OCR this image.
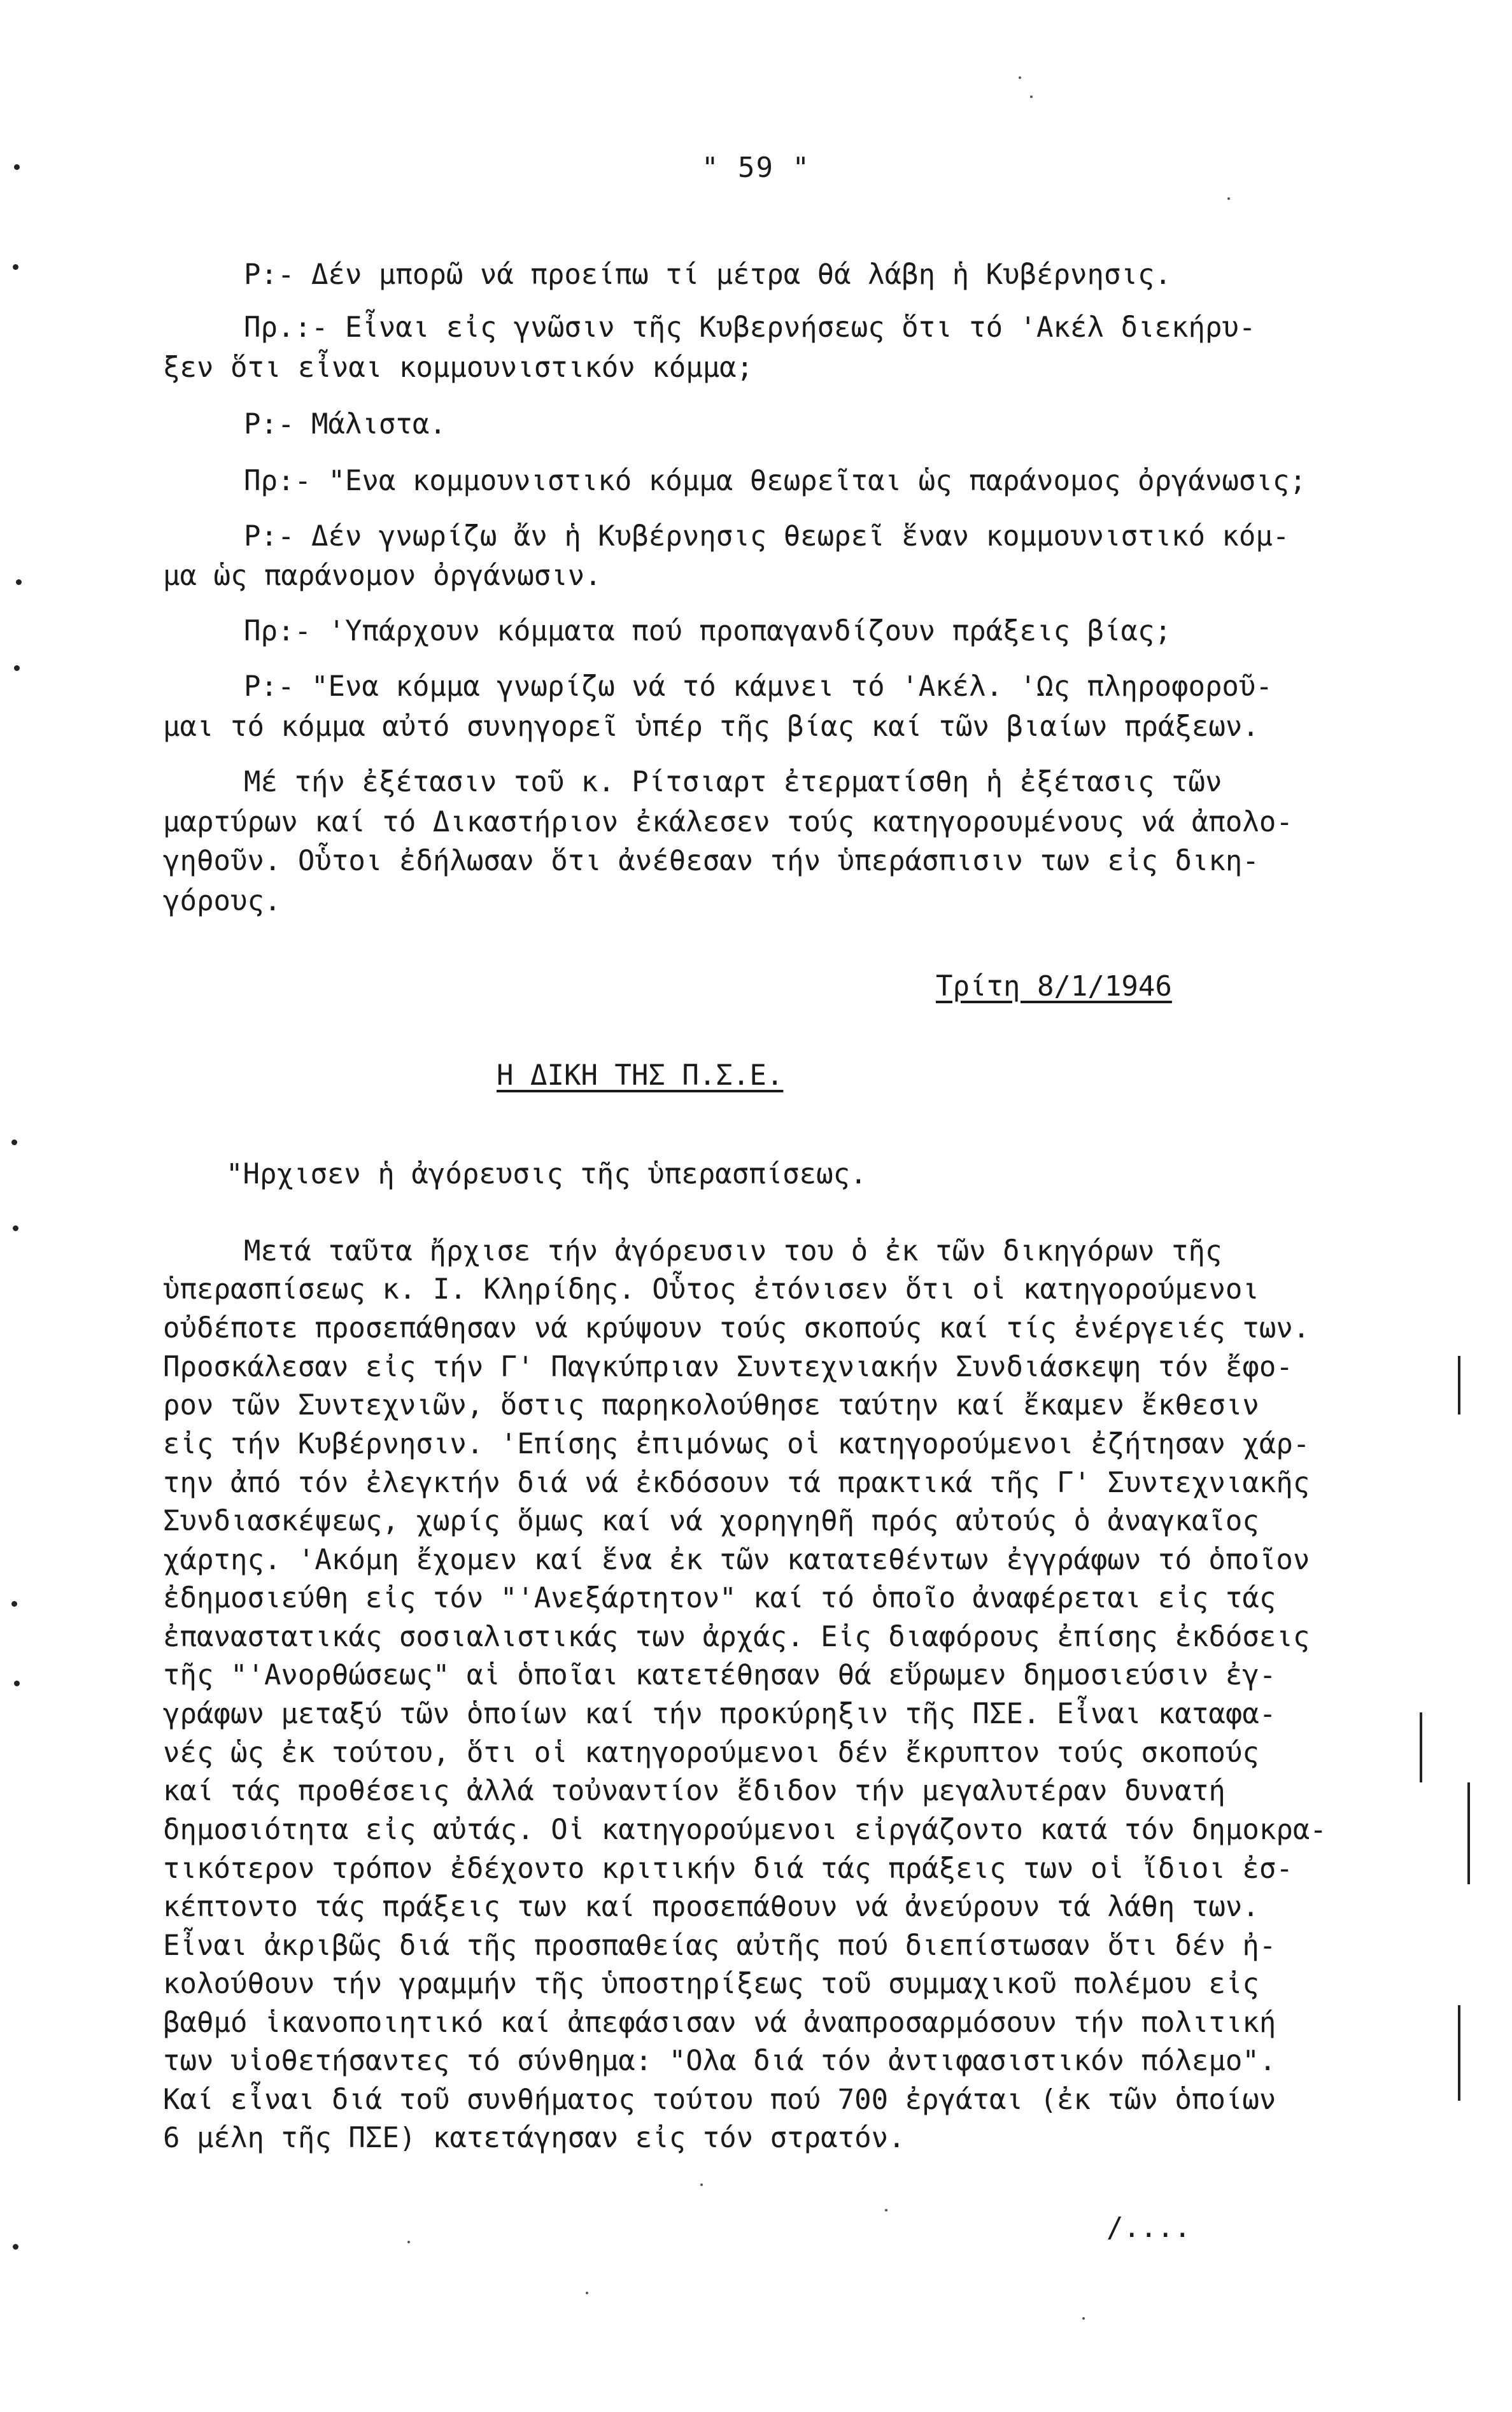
" 59 "
Ρ:- Δέν μπορῶ νά προείπω τί μέτρα θά λάβη ἡ Κυβέρνησις.
Πρ.:- Εἶναι εἰς γνῶσιν τῆς Κυβερνήσεως ὅτι τό 'Ακέλ διεκήρυ-
ξεν ὅτι εἶναι κομμουνιστικόν κόμμα;
Ρ:- Μάλιστα.
Πρ:- "Ενα κομμουνιστικό κόμμα θεωρεῖται ὡς παράνομος ὀργάνωσις;
Ρ:- Δέν γνωρίζω ἄν ἡ Κυβέρνησις θεωρεῖ ἕναν κομμουνιστικό κόμ-
μα ὡς παράνομον ὀργάνωσιν.
Πρ:- 'Υπάρχουν κόμματα πού προπαγανδίζουν πράξεις βίας;
Ρ:- "Ενα κόμμα γνωρίζω νά τό κάμνει τό 'Ακέλ. 'Ως πληροφοροῦ-
μαι τό κόμμα αὐτό συνηγορεῖ ὑπέρ τῆς βίας καί τῶν βιαίων πράξεων.
Μέ τήν ἐξέτασιν τοῦ κ. Ρίτσιαρτ ἐτερματίσθη ἡ ἐξέτασις τῶν
μαρτύρων καί τό Δικαστήριον ἐκάλεσεν τούς κατηγορουμένους νά ἀπολο-
γηθοῦν. Οὗτοι ἐδήλωσαν ὅτι ἀνέθεσαν τήν ὑπεράσπισιν των εἰς δικη-
γόρους.
Τρίτη 8/1/1946
Η ΔΙΚΗ ΤΗΣ Π.Σ.Ε.
"Ηρχισεν ἡ ἀγόρευσις τῆς ὑπερασπίσεως.
Μετά ταῦτα ἤρχισε τήν ἀγόρευσιν του ὁ ἐκ τῶν δικηγόρων τῆς
ὑπερασπίσεως κ. Ι. Κληρίδης. Οὗτος ἐτόνισεν ὅτι οἱ κατηγορούμενοι
οὐδέποτε προσεπάθησαν νά κρύψουν τούς σκοπούς καί τίς ἐνέργειές των.
Προσκάλεσαν εἰς τήν Γ' Παγκύπριαν Συντεχνιακήν Συνδιάσκεψη τόν ἔφο-
ρον τῶν Συντεχνιῶν, ὅστις παρηκολούθησε ταύτην καί ἔκαμεν ἔκθεσιν
εἰς τήν Κυβέρνησιν. 'Επίσης ἐπιμόνως οἱ κατηγορούμενοι ἐζήτησαν χάρ-
την ἀπό τόν ἐλεγκτήν διά νά ἐκδόσουν τά πρακτικά τῆς Γ' Συντεχνιακῆς
Συνδιασκέψεως, χωρίς ὅμως καί νά χορηγηθῆ πρός αὐτούς ὁ ἀναγκαῖος
χάρτης. 'Ακόμη ἔχομεν καί ἕνα ἐκ τῶν κατατεθέντων ἐγγράφων τό ὁποῖον
ἐδημοσιεύθη εἰς τόν "'Ανεξάρτητον" καί τό ὁποῖο ἀναφέρεται εἰς τάς
ἐπαναστατικάς σοσιαλιστικάς των ἀρχάς. Εἰς διαφόρους ἐπίσης ἐκδόσεις
τῆς "'Ανορθώσεως" αἱ ὁποῖαι κατετέθησαν θά εὕρωμεν δημοσιεύσιν ἐγ-
γράφων μεταξύ τῶν ὁποίων καί τήν προκύρηξιν τῆς ΠΣΕ. Εἶναι καταφα-
νές ὡς ἐκ τούτου, ὅτι οἱ κατηγορούμενοι δέν ἔκρυπτον τούς σκοπούς
καί τάς προθέσεις ἀλλά τοὐναντίον ἔδιδον τήν μεγαλυτέραν δυνατή
δημοσιότητα εἰς αὐτάς. Οἱ κατηγορούμενοι εἰργάζοντο κατά τόν δημοκρα-
τικότερον τρόπον ἐδέχοντο κριτικήν διά τάς πράξεις των οἱ ἴδιοι ἐσ-
κέπτοντο τάς πράξεις των καί προσεπάθουν νά ἀνεύρουν τά λάθη των.
Εἶναι ἀκριβῶς διά τῆς προσπαθείας αὐτῆς πού διεπίστωσαν ὅτι δέν ἠ-
κολούθουν τήν γραμμήν τῆς ὑποστηρίξεως τοῦ συμμαχικοῦ πολέμου εἰς
βαθμό ἱκανοποιητικό καί ἀπεφάσισαν νά ἀναπροσαρμόσουν τήν πολιτική
των υἱοθετήσαντες τό σύνθημα: "Ολα διά τόν ἀντιφασιστικόν πόλεμο".
Καί εἶναι διά τοῦ συνθήματος τούτου πού 700 ἐργάται (ἐκ τῶν ὁποίων
6 μέλη τῆς ΠΣΕ) κατετάγησαν εἰς τόν στρατόν.
/....
